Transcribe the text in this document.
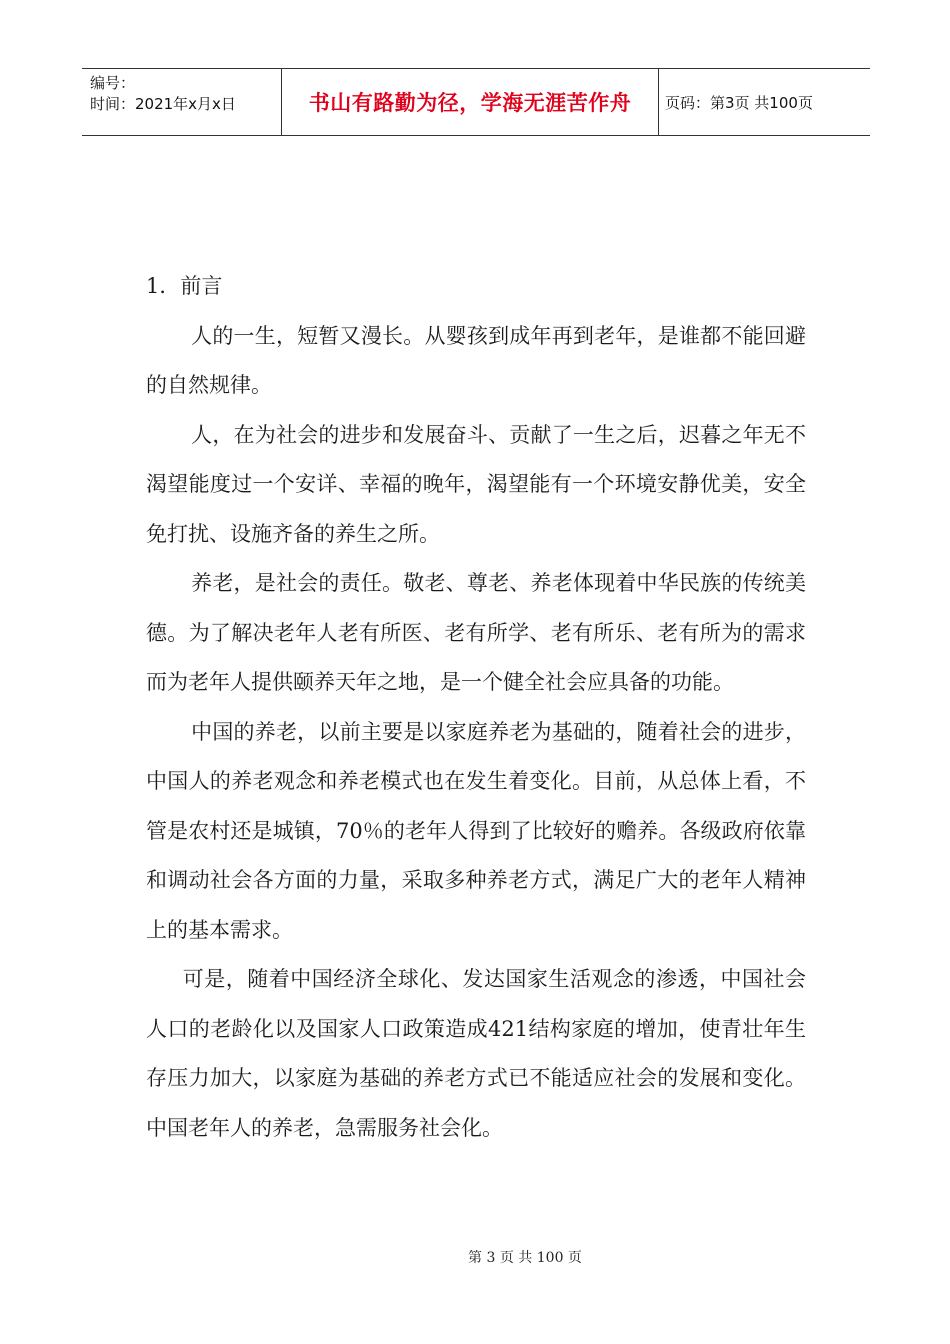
编号：
时间：2021年x月x日	书山有路勤为径，学海无涯苦作舟 页码：第3页 共100页

1．前言

人的一生，短暂又漫长。从婴孩到成年再到老年，是谁都不能回避的自然规律。

人，在为社会的进步和发展奋斗、贡献了一生之后，迟暮之年无不渴望能度过一个安详、幸福的晚年，渴望能有一个环境安静优美，安全免打扰、设施齐备的养生之所。

养老，是社会的责任。敬老、尊老、养老体现着中华民族的传统美德。为了解决老年人老有所医、老有所学、老有所乐、老有所为的需求而为老年人提供颐养天年之地，是一个健全社会应具备的功能。

中国的养老，以前主要是以家庭养老为基础的，随着社会的进步，中国人的养老观念和养老模式也在发生着变化。目前，从总体上看，不管是农村还是城镇，70％的老年人得到了比较好的赡养。各级政府依靠和调动社会各方面的力量，采取多种养老方式，满足广大的老年人精神上的基本需求。

可是，随着中国经济全球化、发达国家生活观念的渗透，中国社会人口的老龄化以及国家人口政策造成421结构家庭的增加，使青壮年生存压力加大，以家庭为基础的养老方式已不能适应社会的发展和变化。中国老年人的养老，急需服务社会化。

第 3 页 共 100 页
